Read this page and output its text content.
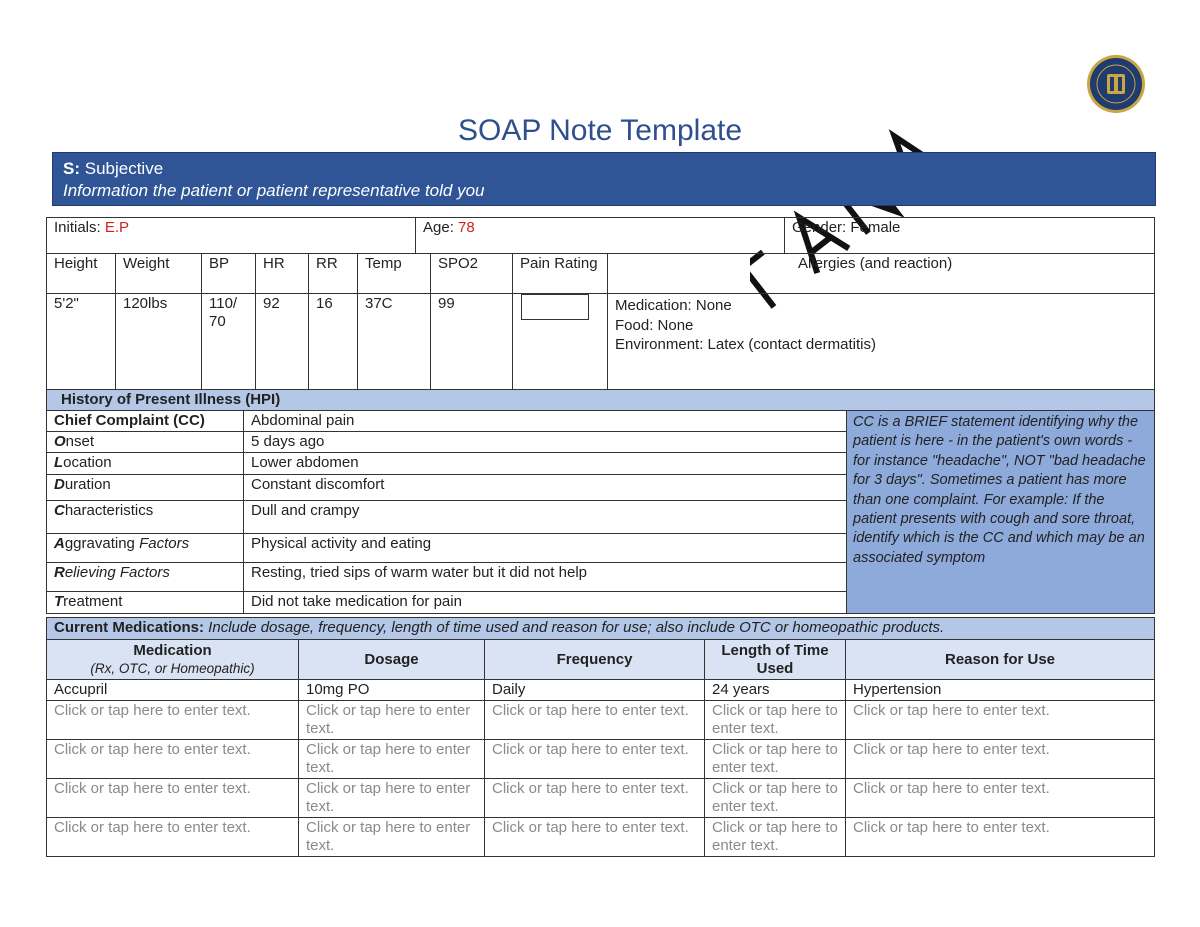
SOAP Note Template
S: Subjective
Information the patient or patient representative told you
Initials: E.P	Age: 78	Gender: Female
Height	Weight	BP	HR	RR	Temp	SPO2	Pain Rating	Allergies (and reaction)
5'2"	120lbs	110/ 70	92	16	37C	99		Medication: None
Food: None
Environment: Latex (contact dermatitis)
History of Present Illness (HPI)		
Chief Complaint (CC)	Abdominal pain	CC is a BRIEF statement identifying why the patient is here - in the patient's own words - for instance "headache", NOT "bad headache for 3 days". Sometimes a patient has more than one complaint. For example: If the patient presents with cough and sore throat, identify which is the CC and which may be an associated symptom
Onset	5 days ago	
Location	Lower abdomen	
Duration	Constant discomfort	
Characteristics	Dull and crampy	
Aggravating Factors	Physical activity and eating	
Relieving Factors	Resting, tried sips of warm water but it did not help	
Treatment	Did not take medication for pain	
Current Medications: Include dosage, frequency, length of time used and reason for use; also include OTC or homeopathic products.				

Medication
(Rx, OTC, or Homeopathic)	Dosage	Frequency	Length of Time Used	Reason for Use
Accupril	10mg PO	Daily	24 years	Hypertension
Click or tap here to enter text.	Click or tap here to enter text.	Click or tap here to enter text.	Click or tap here to enter text.	Click or tap here to enter text.
Click or tap here to enter text.	Click or tap here to enter text.	Click or tap here to enter text.	Click or tap here to enter text.	Click or tap here to enter text.
Click or tap here to enter text.	Click or tap here to enter text.	Click or tap here to enter text.	Click or tap here to enter text.	Click or tap here to enter text.
Click or tap here to enter text.	Click or tap here to enter text.	Click or tap here to enter text.	Click or tap here to enter text.	Click or tap here to enter text.
